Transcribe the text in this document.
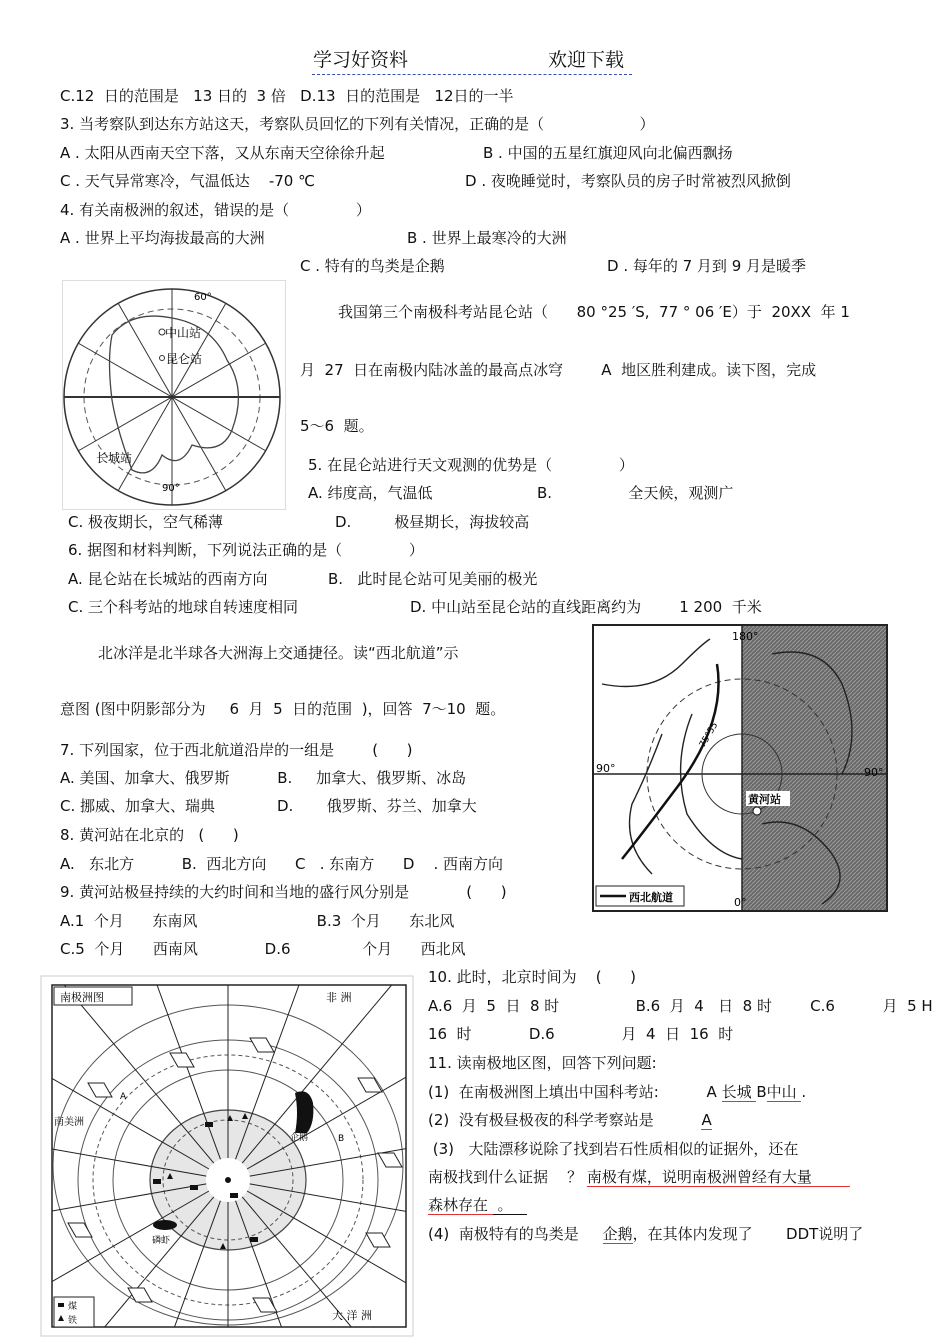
学习好资料	欢迎下载
C.12  日的范围是   13 日的  3 倍   D.13  日的范围是   12日的一半
3. 当考察队到达东方站这天，考察队员回忆的下列有关情况，正确的是（                    ）
A . 太阳从西南天空下落，又从东南天空徐徐升起	B . 中国的五星红旗迎风向北偏西飘扬
C . 天气异常寒冷，气温低达    -70 ℃	D . 夜晚睡觉时，考察队员的房子时常被烈风掀倒
4. 有关南极洲的叙述，错误的是（              ）
A . 世界上平均海拔最高的大洲	B . 世界上最寒冷的大洲
C . 特有的鸟类是企鹅	D . 每年的 7 月到 9 月是暖季
中山站
昆仑站
长城站
60°
90°
我国第三个南极科考站昆仑站（      80 °25 ′S,  77 ° 06 ′E）于  20XX  年 1
月  27  日在南极内陆冰盖的最高点冰穹        A  地区胜利建成。读下图，完成
5～6  题。
5. 在昆仑站进行天文观测的优势是（              ）
A. 纬度高，气温低	B.                全天候，观测广
C. 极夜期长，空气稀薄	D.         极昼期长，海拔较高
6. 据图和材料判断，下列说法正确的是（              ）
A. 昆仑站在长城站的西南方向	B.   此时昆仑站可见美丽的极光
C. 三个科考站的地球自转速度相同	D. 中山站至昆仑站的直线距离约为        1 200  千米
北冰洋是北半球各大洲海上交通捷径。读“西北航道”示
意图 (图中阴影部分为     6  月  5  日的范围  )，回答  7～10  题。
180°
90°	90°
0°
75°55′
黄河站
西北航道
7. 下列国家，位于西北航道沿岸的一组是        (      )
A. 美国、加拿大、俄罗斯          B.     加拿大、俄罗斯、冰岛
C. 挪威、加拿大、瑞典             D.       俄罗斯、芬兰、加拿大
8. 黄河站在北京的   (      )
A.   东北方          B.  西北方向      C   . 东南方      D    . 西南方向
9. 黄河站极昼持续的大约时间和当地的盛行风分别是            (      )
A.1  个月      东南风                         B.3  个月      东北风
C.5  个月      西南风              D.6               个月      西北风
南极洲图	非 洲
南美洲
大 洋 洲
企鹅
磷虾
A
B
煤
铁
10. 此时，北京时间为    (      )
A.6  月  5  日  8 时                B.6  月  4   日  8 时        C.6          月  5 H
16  时            D.6              月  4  日  16  时
11. 读南极地区图，回答下列问题:
(1)  在南极洲图上填出中国科考站:          A 长城 B中山 .
(2)  没有极昼极夜的科学考察站是          A
(3)   大陆漂移说除了找到岩石性质相似的证据外，还在
南极找到什么证据    ？ 南极有煤，说明南极洲曾经有大量
森林存在  。
(4)  南极特有的鸟类是     企鹅，在其体内发现了       DDT说明了
